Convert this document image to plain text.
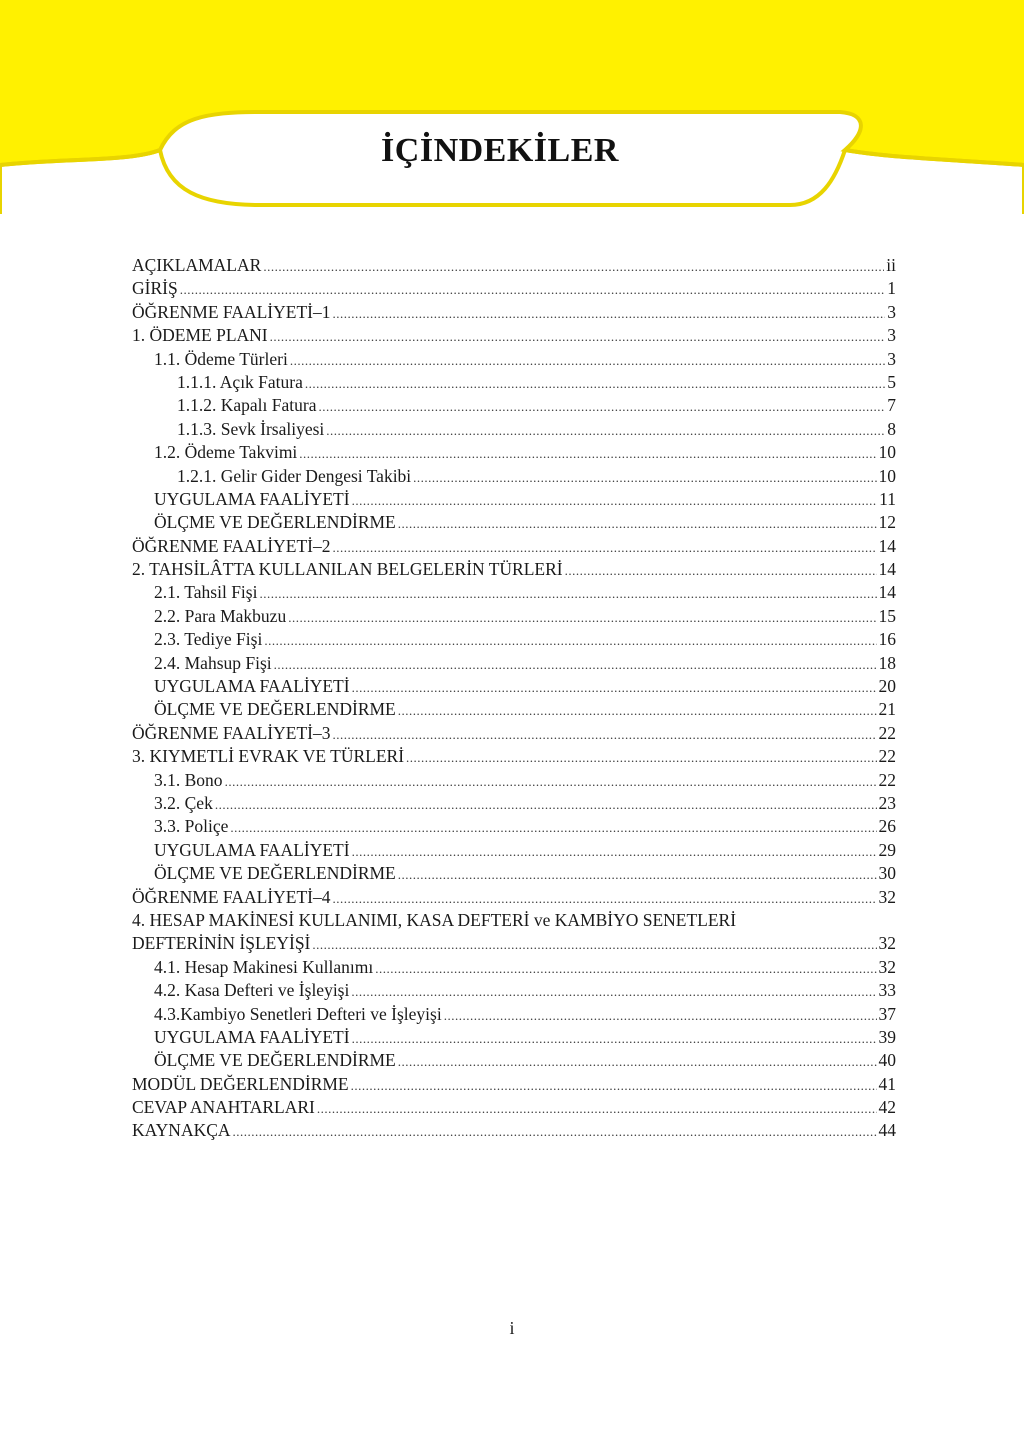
İÇİNDEKİLER
AÇIKLAMALAR .....	ii
GİRİŞ .....	1
ÖĞRENME FAALİYETİ–1 .....	3
1. ÖDEME PLANI .....	3
1.1. Ödeme Türleri .....	3
1.1.1. Açık Fatura .....	5
1.1.2. Kapalı Fatura .....	7
1.1.3. Sevk İrsaliyesi .....	8
1.2. Ödeme Takvimi .....	10
1.2.1. Gelir Gider Dengesi Takibi .....	10
UYGULAMA FAALİYETİ .....	11
ÖLÇME VE DEĞERLENDİRME .....	12
ÖĞRENME FAALİYETİ–2 .....	14
2. TAHSİLÂTTA KULLANILAN BELGELERİN TÜRLERİ .....	14
2.1. Tahsil Fişi .....	14
2.2. Para Makbuzu .....	15
2.3. Tediye Fişi .....	16
2.4. Mahsup Fişi .....	18
UYGULAMA FAALİYETİ .....	20
ÖLÇME VE DEĞERLENDİRME .....	21
ÖĞRENME FAALİYETİ–3 .....	22
3. KIYMETLİ EVRAK VE TÜRLERİ .....	22
3.1. Bono .....	22
3.2. Çek .....	23
3.3. Poliçe .....	26
UYGULAMA FAALİYETİ .....	29
ÖLÇME VE DEĞERLENDİRME .....	30
ÖĞRENME FAALİYETİ–4 .....	32
4. HESAP MAKİNESİ KULLANIMI, KASA DEFTERİ ve KAMBİYO SENETLERİ
DEFTERİNİN İŞLEYİŞİ .....	32
4.1. Hesap Makinesi Kullanımı .....	32
4.2. Kasa Defteri ve İşleyişi .....	33
4.3.Kambiyo Senetleri Defteri ve İşleyişi .....	37
UYGULAMA FAALİYETİ .....	39
ÖLÇME VE DEĞERLENDİRME .....	40
MODÜL DEĞERLENDİRME .....	41
CEVAP ANAHTARLARI .....	42
KAYNAKÇA .....	44
i
